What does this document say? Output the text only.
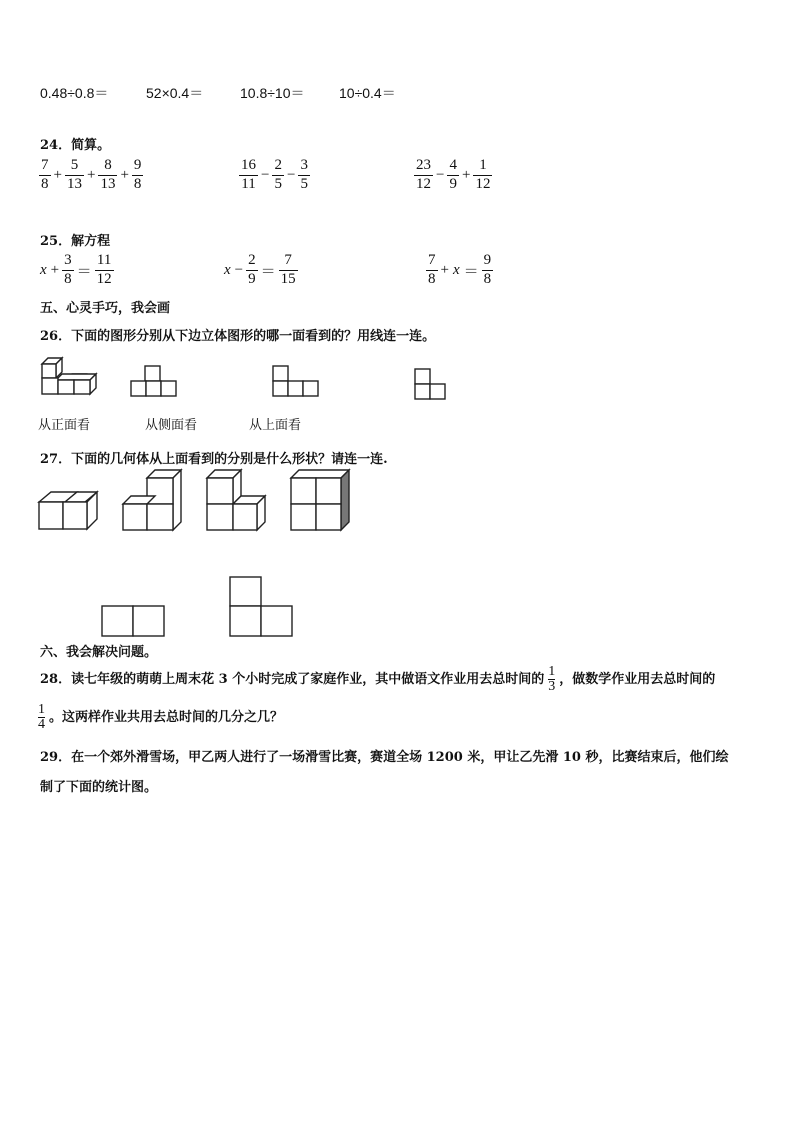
0.48÷0.8＝	52×0.4＝	10.8÷10＝ 10÷0.4＝
24．简算。
$\frac{7}{8} + \frac{5}{13} + \frac{8}{13} + \frac{9}{8}$	$\frac{16}{11} - \frac{2}{5} - \frac{3}{5}$	$\frac{23}{12} - \frac{4}{9} + \frac{1}{12}$
25．解方程
$x + \frac{3}{8} = \frac{11}{12}$	$x - \frac{2}{9} = \frac{7}{15}$	$\frac{7}{8} + x = \frac{9}{8}$
五、心灵手巧，我会画
26．下面的图形分别从下边立体图形的哪一面看到的？用线连一连。
从正面看	从侧面看	从上面看
27．下面的几何体从上面看到的分别是什么形状？请连一连.
六、我会解决问题。
28．读七年级的萌萌上周末花 3 个小时完成了家庭作业，其中做语文作业用去总时间的 $\frac{1}{3}$ ，做数学作业用去总时间的
$\frac{1}{4}$ 。这两样作业共用去总时间的几分之几？
29．在一个郊外滑雪场，甲乙两人进行了一场滑雪比赛，赛道全场 1200 米，甲让乙先滑 10 秒，比赛结束后，他们绘
制了下面的统计图。
